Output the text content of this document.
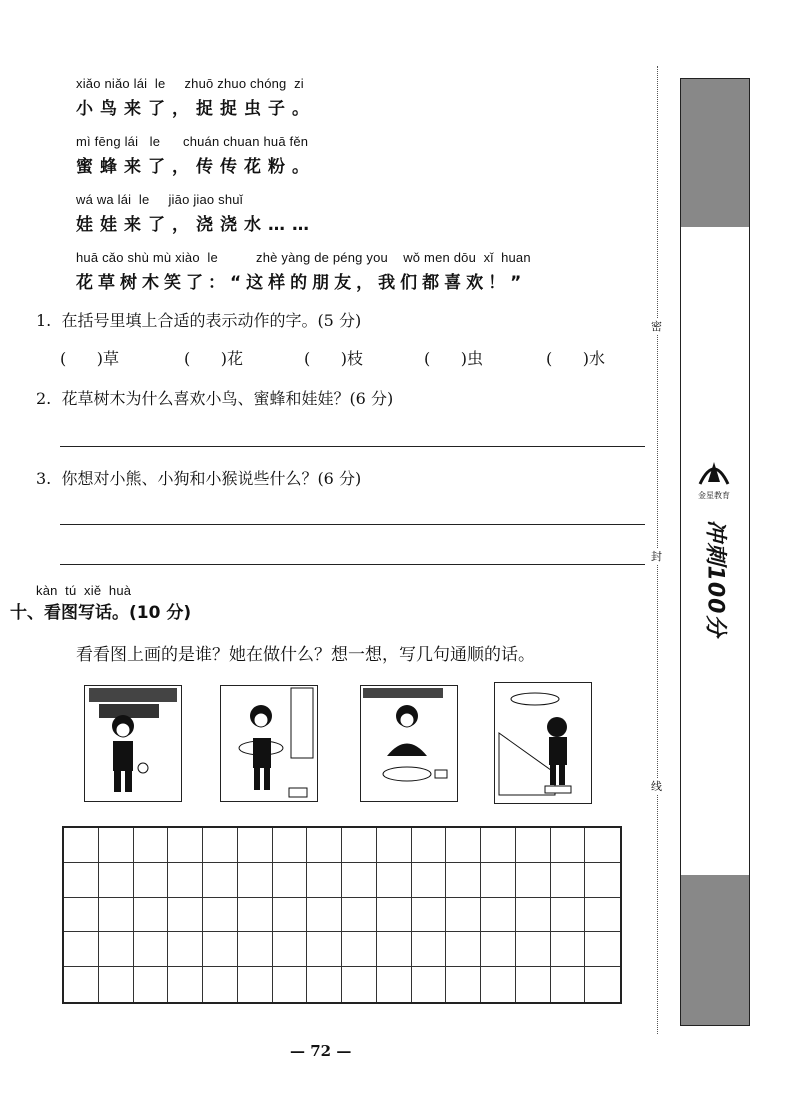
xiǎo niǎo lái  le     zhuō zhuo chóng  zi
小鸟来了，捉捉虫子。
mì fēng lái   le      chuán chuan huā fěn
蜜蜂来了，传传花粉。
wá wa lái  le     jiāo jiao shuǐ
娃娃来了，浇浇水……
huā cǎo shù mù xiào  le          zhè yàng de péng you    wǒ men dōu  xǐ  huan
花草树木笑了：“这样的朋友，我们都喜欢！”
1.  在括号里填上合适的表示动作的字。(5 分)
(      )草	(      )花	(      )枝	(      )虫	(      )水
2.  花草树木为什么喜欢小鸟、蜜蜂和娃娃？(6 分)
3.  你想对小熊、小狗和小猴说些什么？(6 分)
kàn  tú  xiě  huà
十、看图写话。(10 分)
看看图上画的是谁？她在做什么？想一想，写几句通顺的话。
— 72 —
密
封
线
金星教育
冲刺100分
